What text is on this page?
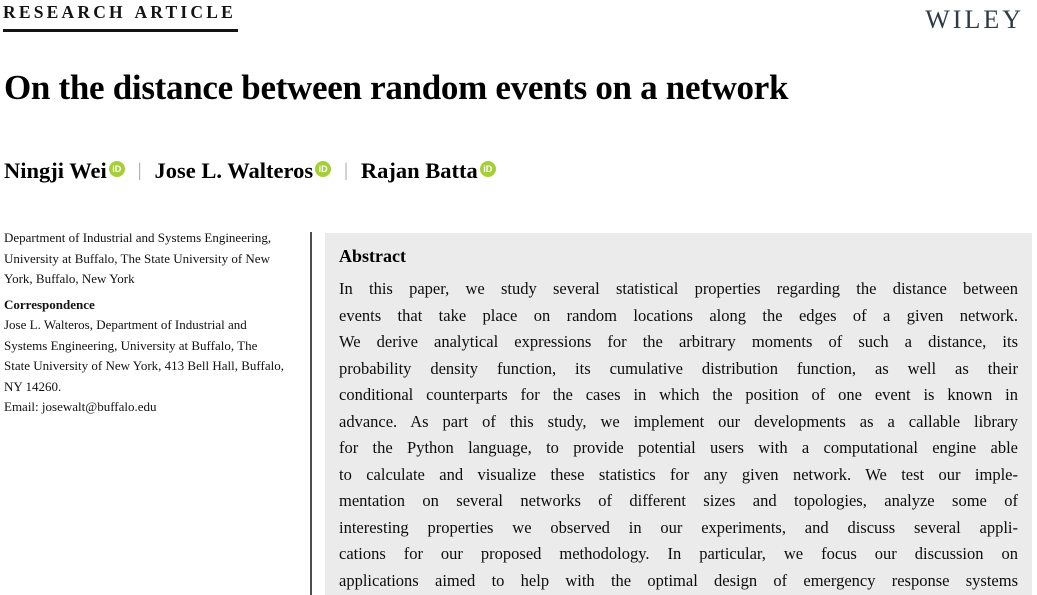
RESEARCH ARTICLE	WILEY
On the distance between random events on a network
Ningji Wei iD | Jose L. Walteros iD | Rajan Batta iD

Department of Industrial and Systems Engineering, University at Buffalo, The State University of New York, Buffalo, New York

Correspondence

Jose L. Walteros, Department of Industrial and Systems Engineering, University at Buffalo, The State University of New York, 413 Bell Hall, Buffalo, NY 14260.

Email: josewalt@buffalo.edu

Abstract
In this paper, we study several statistical properties regarding the distance between
events that take place on random locations along the edges of a given network.
We derive analytical expressions for the arbitrary moments of such a distance, its
probability density function, its cumulative distribution function, as well as their
conditional counterparts for the cases in which the position of one event is known in
advance. As part of this study, we implement our developments as a callable library
for the Python language, to provide potential users with a computational engine able
to calculate and visualize these statistics for any given network. We test our imple-
mentation on several networks of different sizes and topologies, analyze some of
interesting properties we observed in our experiments, and discuss several appli-
cations for our proposed methodology. In particular, we focus our discussion on
applications aimed to help with the optimal design of emergency response systems
